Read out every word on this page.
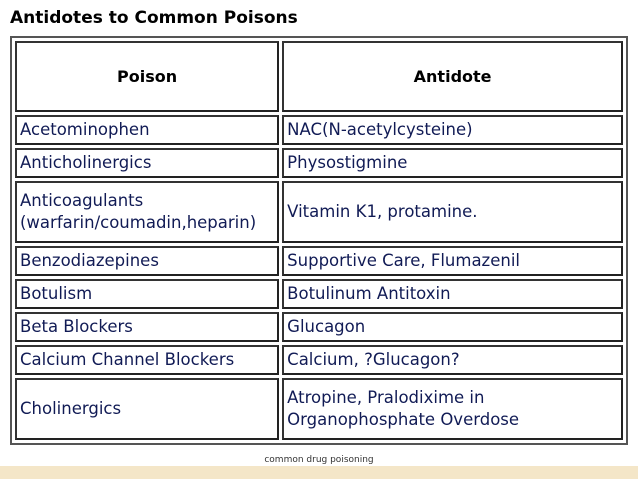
Antidotes to Common Poisons
Poison	Antidote
Acetominophen	NAC(N-acetylcysteine)
Anticholinergics	Physostigmine
Anticoagulants (warfarin/coumadin,heparin)	Vitamin K1, protamine.
Benzodiazepines	Supportive Care, Flumazenil
Botulism	Botulinum Antitoxin
Beta Blockers	Glucagon
Calcium Channel Blockers	Calcium, ?Glucagon?
Cholinergics	Atropine, Pralodixime in Organophosphate Overdose
common drug poisoning
